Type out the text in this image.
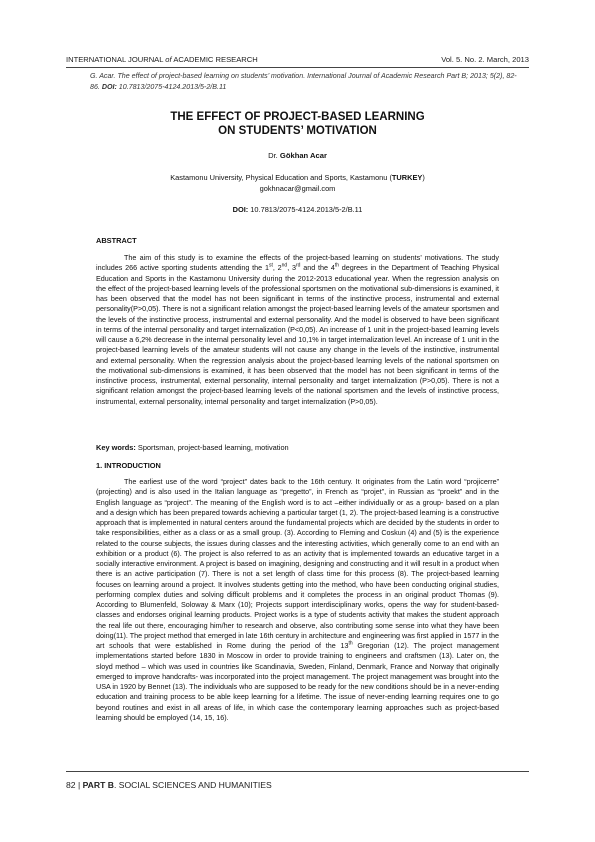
INTERNATIONAL JOURNAL of ACADEMIC RESEARCH	Vol. 5. No. 2. March, 2013
G. Acar. The effect of project-based learning on students’ motivation. International Journal of Academic Research Part B; 2013; 5(2), 82-86. DOI: 10.7813/2075-4124.2013/5-2/B.11
THE EFFECT OF PROJECT-BASED LEARNING
ON STUDENTS’ MOTIVATION
Dr. Gökhan Acar
Kastamonu University, Physical Education and Sports, Kastamonu (TURKEY)
gokhnacar@gmail.com
DOI: 10.7813/2075-4124.2013/5-2/B.11
ABSTRACT

The aim of this study is to examine the effects of the project-based learning on students’ motivations. The study includes 266 active sporting students attending the 1st, 2nd, 3rd and the 4th degrees in the Department of Teaching Physical Education and Sports in the Kastamonu University during the 2012-2013 educational year. When the regression analysis on the effect of the project-based learning levels of the professional sportsmen on the motivational sub-dimensions is examined, it has been observed that the model has not been significant in terms of the instinctive process, instrumental and external personality(P>0,05). There is not a significant relation amongst the project-based learning levels of the amateur sportsmen and the levels of the instinctive process, instrumental and external personality. And the model is observed to have been significant in terms of the internal personality and target internalization (P<0,05). An increase of 1 unit in the project-based learning levels will cause a 6,2% decrease in the internal personality level and 10,1% in target internalization level. An increase of 1 unit in the project-based learning levels of the amateur students will not cause any change in the levels of the instinctive, instrumental and external personality. When the regression analysis about the project-based learning levels of the national sportsmen on the motivational sub-dimensions is examined, it has been observed that the model has not been significant in terms of the instinctive process, instrumental, external personality, internal personality and target internalization (P>0,05). There is not a significant relation amongst the project-based learning levels of the national sportsmen and the levels of instinctive process, instrumental, external personality, internal personality and target internalization (P>0,05).

Key words: Sportsman, project-based learning, motivation
1. INTRODUCTION

The earliest use of the word “project” dates back to the 16th century. It originates from the Latin word “projicerre” (projecting) and is also used in the Italian language as “pregetto”, in French as “projet”, in Russian as “proekt” and in the English language as “project”. The meaning of the English word is to act –either individually or as a group- based on a plan and a design which has been prepared towards achieving a particular target (1, 2). The project-based learning is a constructive approach that is implemented in natural centers around the fundamental projects which are decided by the students in order to take responsibilities, either as a class or as a small group. (3). According to Fleming and Coskun (4) and (5) is the experience related to the course subjects, the issues during classes and the interesting activities, which generally come to an end with an exhibition or a product (6). The project is also referred to as an activity that is implemented towards an educative target in a socially interactive environment. A project is based on imagining, designing and constructing and it will result in a product when there is an active participation (7). There is not a set length of class time for this process (8). The project-based learning focuses on learning around a project. It involves students getting into the method, who have been conducting original studies, performing complex duties and solving difficult problems and it completes the process in an original product Thomas (9). According to Blumenfeld, Soloway & Marx (10); Projects support interdisciplinary works, opens the way for student-based-classes and endorses original learning products. Project works is a type of students activity that makes the student approach the real life out there, encouraging him/her to research and observe, also contributing some sense into what they have been doing(11). The project method that emerged in late 16th century in architecture and engineering was first applied in 1577 in the art schools that were established in Rome during the period of the 13th Gregorian (12). The project management implementations started before 1830 in Moscow in order to provide training to engineers and craftsmen (13). Later on, the sloyd method – which was used in countries like Scandinavia, Sweden, Finland, Denmark, France and Norway that originally emerged to improve handcrafts- was incorporated into the project management. The project management was brought into the USA in 1920 by Bennet (13). The individuals who are supposed to be ready for the new conditions should be in a never-ending education and training process to be able keep learning for a lifetime. The issue of never-ending learning requires one to go beyond routines and exist in all areas of life, in which case the contemporary learning approaches such as project-based learning should be employed (14, 15, 16).

82 | PART B. SOCIAL SCIENCES AND HUMANITIES
